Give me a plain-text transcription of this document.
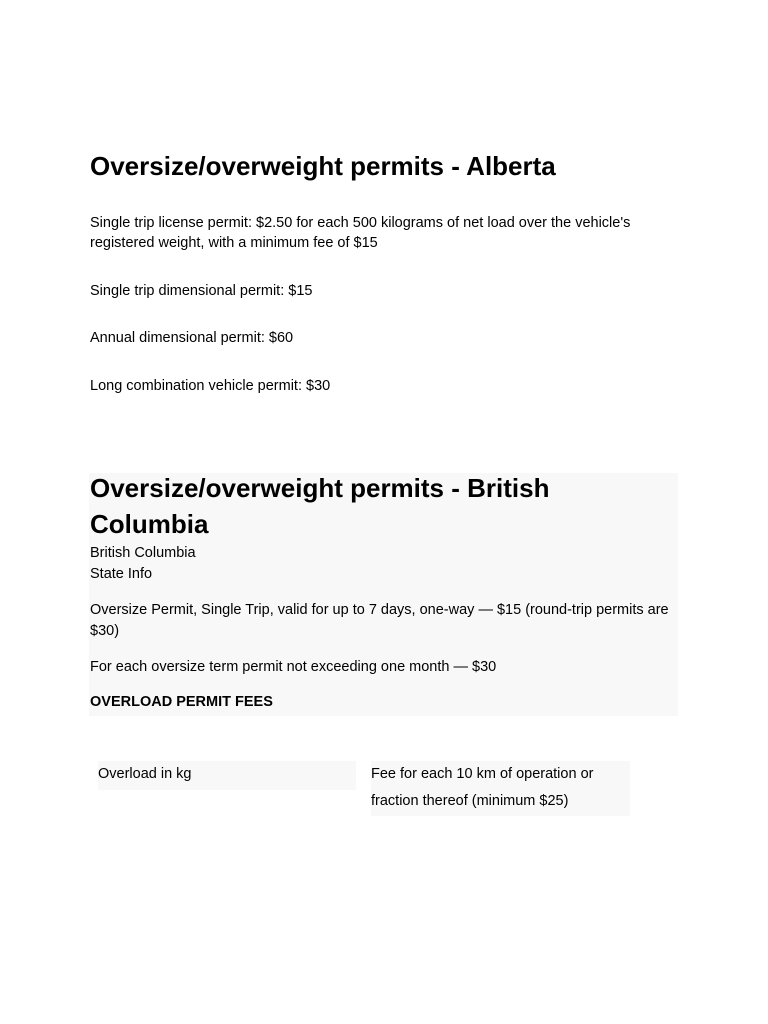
Oversize/overweight permits - Alberta

Single trip license permit: $2.50 for each 500 kilograms of net load over the vehicle's registered weight, with a minimum fee of $15

Single trip dimensional permit: $15

Annual dimensional permit: $60

Long combination vehicle permit: $30

Oversize/overweight permits - British Columbia

British Columbia

State Info

Oversize Permit, Single Trip, valid for up to 7 days, one-way — $15 (round-trip permits are $30)

For each oversize term permit not exceeding one month — $30

OVERLOAD PERMIT FEES

Overload in kg	Fee for each 10 km of operation or fraction thereof (minimum $25)
